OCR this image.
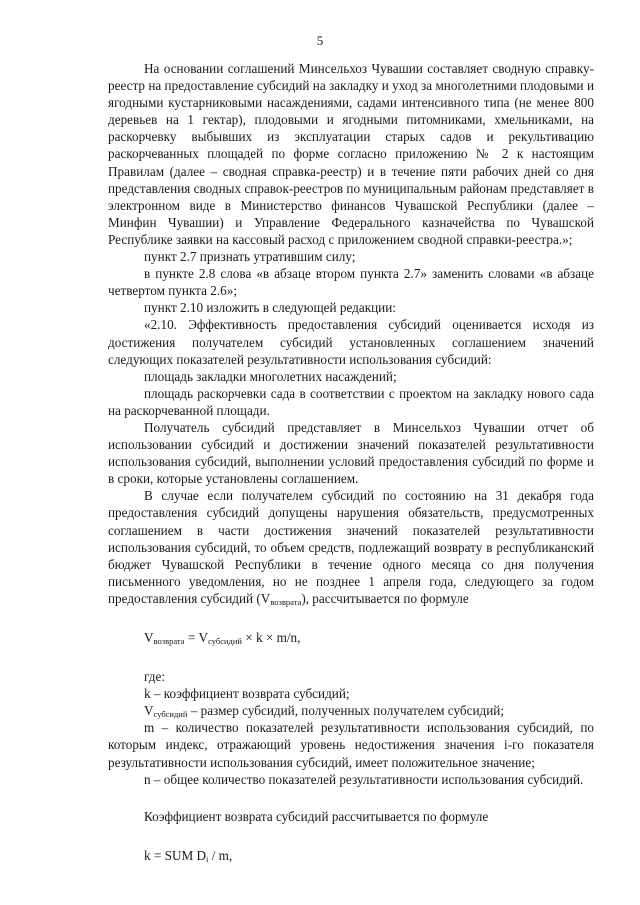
5

На основании соглашений Минсельхоз Чувашии составляет сводную справку-реестр на предоставление субсидий на закладку и уход за многолетними плодовыми и ягодными кустарниковыми насаждениями, садами интенсивного типа (не менее 800 деревьев на 1 гектар), плодовыми и ягодными питомниками, хмельниками, на раскорчевку выбывших из эксплуатации старых садов и рекультивацию раскорчеванных площадей по форме согласно приложению № 2 к настоящим Правилам (далее – сводная справка-реестр) и в течение пяти рабочих дней со дня представления сводных справок-реестров по муниципальным районам представляет в электронном виде в Министерство финансов Чувашской Республики (далее – Минфин Чувашии) и Управление Федерального казначейства по Чувашской Республике заявки на кассовый расход с приложением сводной справки-реестра.»;

пункт 2.7 признать утратившим силу;

в пункте 2.8 слова «в абзаце втором пункта 2.7» заменить словами «в абзаце четвертом пункта 2.6»;

пункт 2.10 изложить в следующей редакции:

«2.10. Эффективность предоставления субсидий оценивается исходя из достижения получателем субсидий установленных соглашением значений следующих показателей результативности использования субсидий:

площадь закладки многолетних насаждений;

площадь раскорчевки сада в соответствии с проектом на закладку нового сада на раскорчеванной площади.

Получатель субсидий представляет в Минсельхоз Чувашии отчет об использовании субсидий и достижении значений показателей результативности использования субсидий, выполнении условий предоставления субсидий по форме и в сроки, которые установлены соглашением.

В случае если получателем субсидий по состоянию на 31 декабря года предоставления субсидий допущены нарушения обязательств, предусмотренных соглашением в части достижения значений показателей результативности использования субсидий, то объем средств, подлежащий возврату в республиканский бюджет Чувашской Республики в течение одного месяца со дня получения письменного уведомления, но не позднее 1 апреля года, следующего за годом предоставления субсидий $(V_{возврата})$, рассчитывается по формуле

$V_{возврата} = V_{субсидий} \times k \times m/n$,

где:

k – коэффициент возврата субсидий;

$V_{субсидий}$ – размер субсидий, полученных получателем субсидий;

m – количество показателей результативности использования субсидий, по которым индекс, отражающий уровень недостижения значения i-го показателя результативности использования субсидий, имеет положительное значение;

n – общее количество показателей результативности использования субсидий.

Коэффициент возврата субсидий рассчитывается по формуле

k = SUM $D_i$ / m,
